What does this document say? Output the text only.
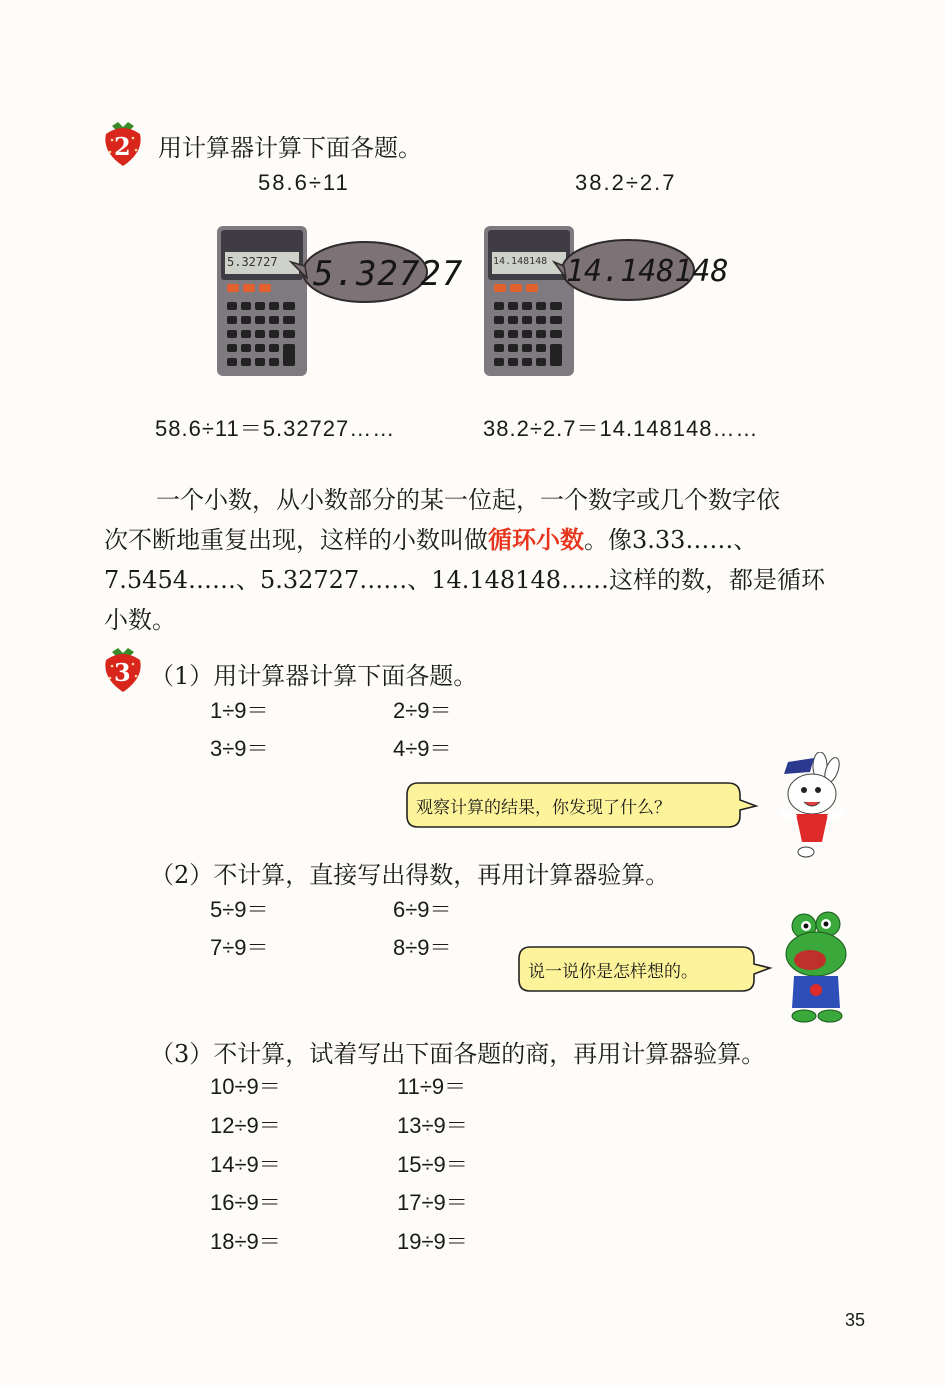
2 用计算器计算下面各题。
58.6÷11	38.2÷2.7
5.32727 5.32727	14.148148 14.148148
58.6÷11＝5.32727……	38.2÷2.7＝14.148148……
一个小数，从小数部分的某一位起，一个数字或几个数字依
次不断地重复出现，这样的小数叫做循环小数。像3.33……、
7.5454……、5.32727……、14.148148……这样的数，都是循环
小数。
3 （1）用计算器计算下面各题。
1÷9＝	2÷9＝
3÷9＝	4÷9＝
观察计算的结果，你发现了什么？
（2）不计算，直接写出得数，再用计算器验算。
5÷9＝	6÷9＝
7÷9＝	8÷9＝
说一说你是怎样想的。
（3）不计算，试着写出下面各题的商，再用计算器验算。
10÷9＝	11÷9＝
12÷9＝	13÷9＝
14÷9＝	15÷9＝
16÷9＝	17÷9＝
18÷9＝	19÷9＝
35
